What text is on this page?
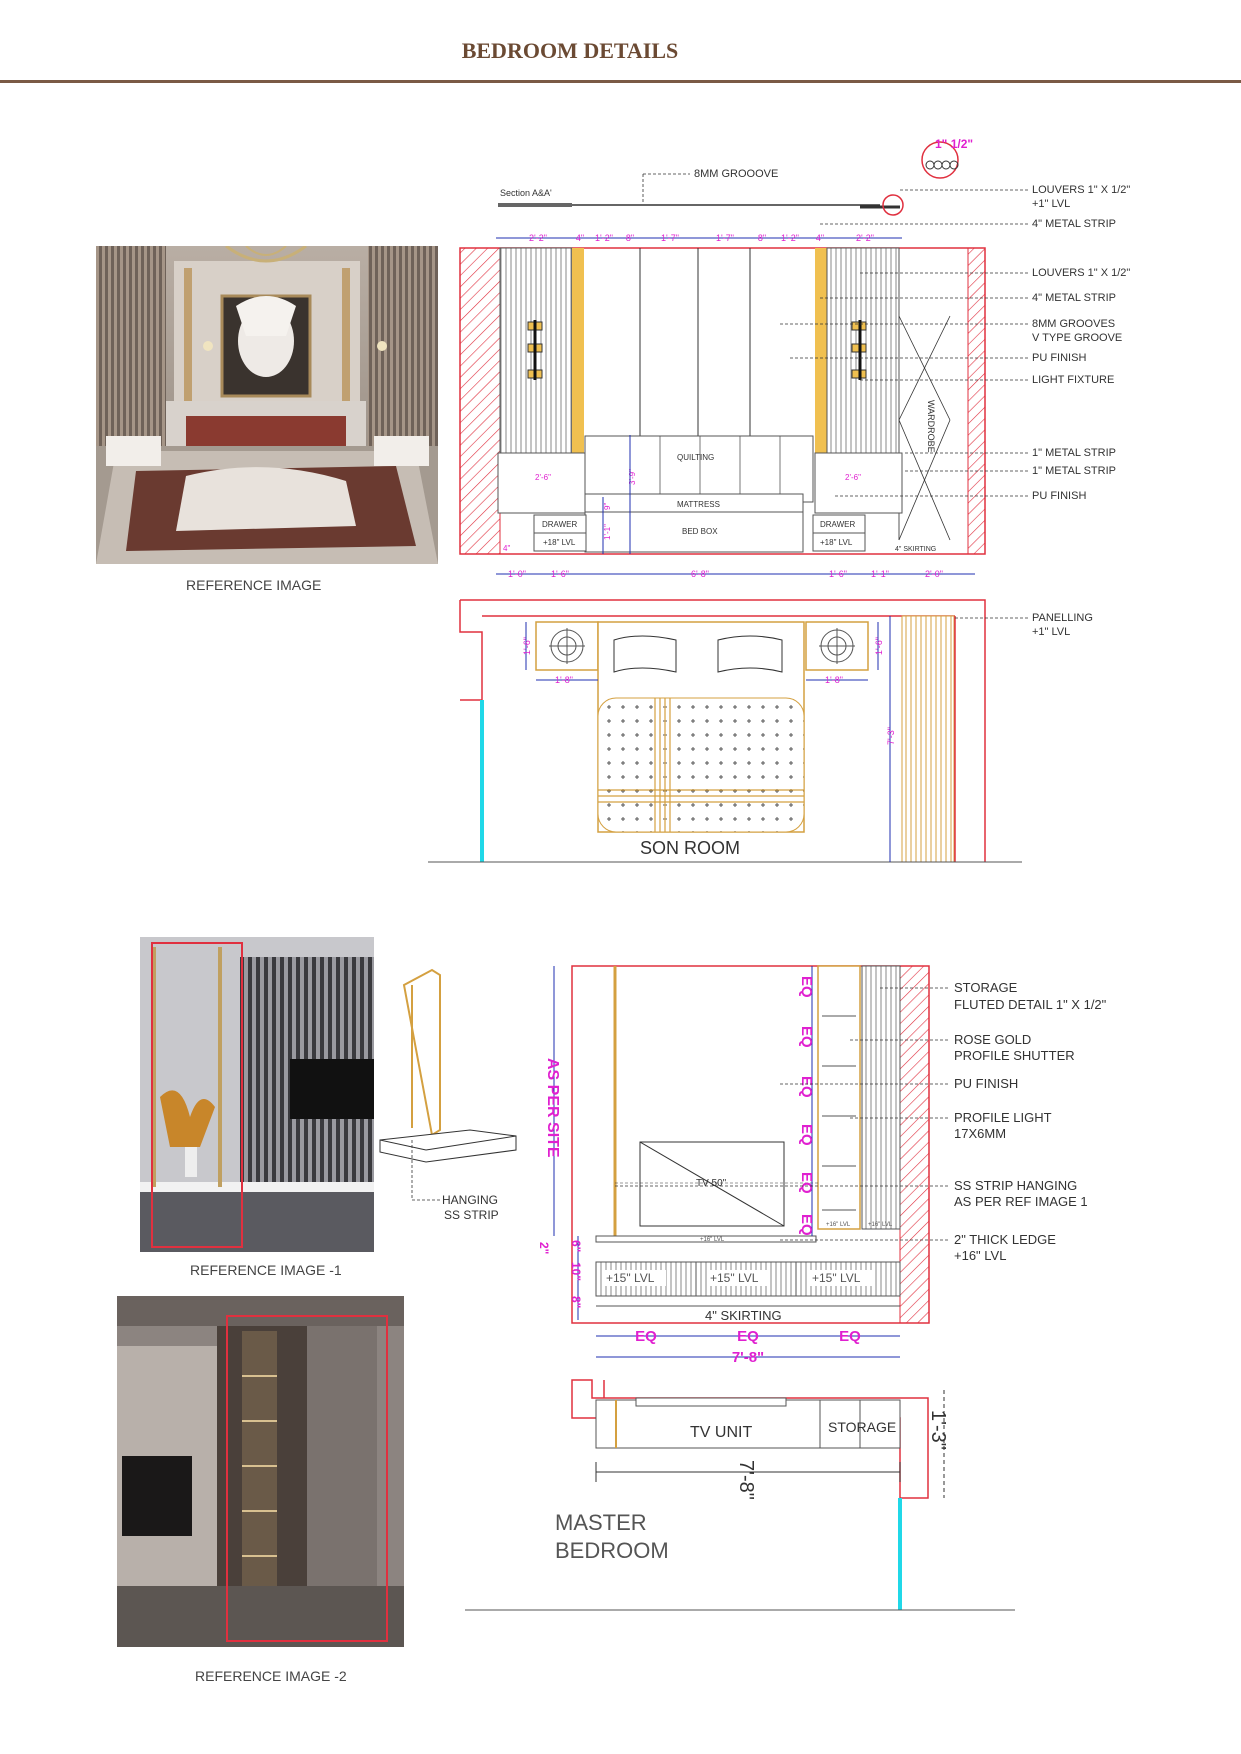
BEDROOM DETAILS
REFERENCE IMAGE
REFERENCE IMAGE -1
REFERENCE IMAGE -2
Section A&A'
8MM GROOOVE
1" 1/2"
2'-2"	4" 1'-2" 8"	1'-7"	1'-7"	8" 1'-2" 4"	2'-2"
WARDROBE
QUILTING
MATTRESS
BED BOX
DRAWER
+18" LVL
DRAWER
+18" LVL
4" SKIRTING
2'-6"	2'-6"
3'-9"
9"
1'-1"
4"
1'-0"	1'-6"	6'-8"	1'-6"	1'-1"	2'-0"
LOUVERS 1" X 1/2"
+1" LVL
4" METAL STRIP
LOUVERS 1" X 1/2"
4" METAL STRIP
8MM GROOVES
V TYPE GROOVE
PU FINISH
LIGHT FIXTURE
1" METAL STRIP
1" METAL STRIP
PU FINISH
SON ROOM
1'-6"
1'-8"
1'-6"
1'-8"
7'-3"
PANELLING
+1" LVL
HANGING
SS STRIP
TV 50"
+16" LVL
+16" LVL	+16" LVL
+15" LVL	+15" LVL	+15" LVL
4" SKIRTING
AS PER SITE
2" 6"
10"
8"
EQ
EQ
EQ
EQ
EQ
EQ
EQ	EQ	EQ
7'-8"
STORAGE
FLUTED DETAIL 1" X 1/2"
ROSE GOLD
PROFILE SHUTTER
PU FINISH
PROFILE LIGHT
17X6MM
SS STRIP HANGING
AS PER REF IMAGE 1
2" THICK LEDGE
+16" LVL
TV UNIT	STORAGE
7'-8"
1'-3"
MASTER
BEDROOM
